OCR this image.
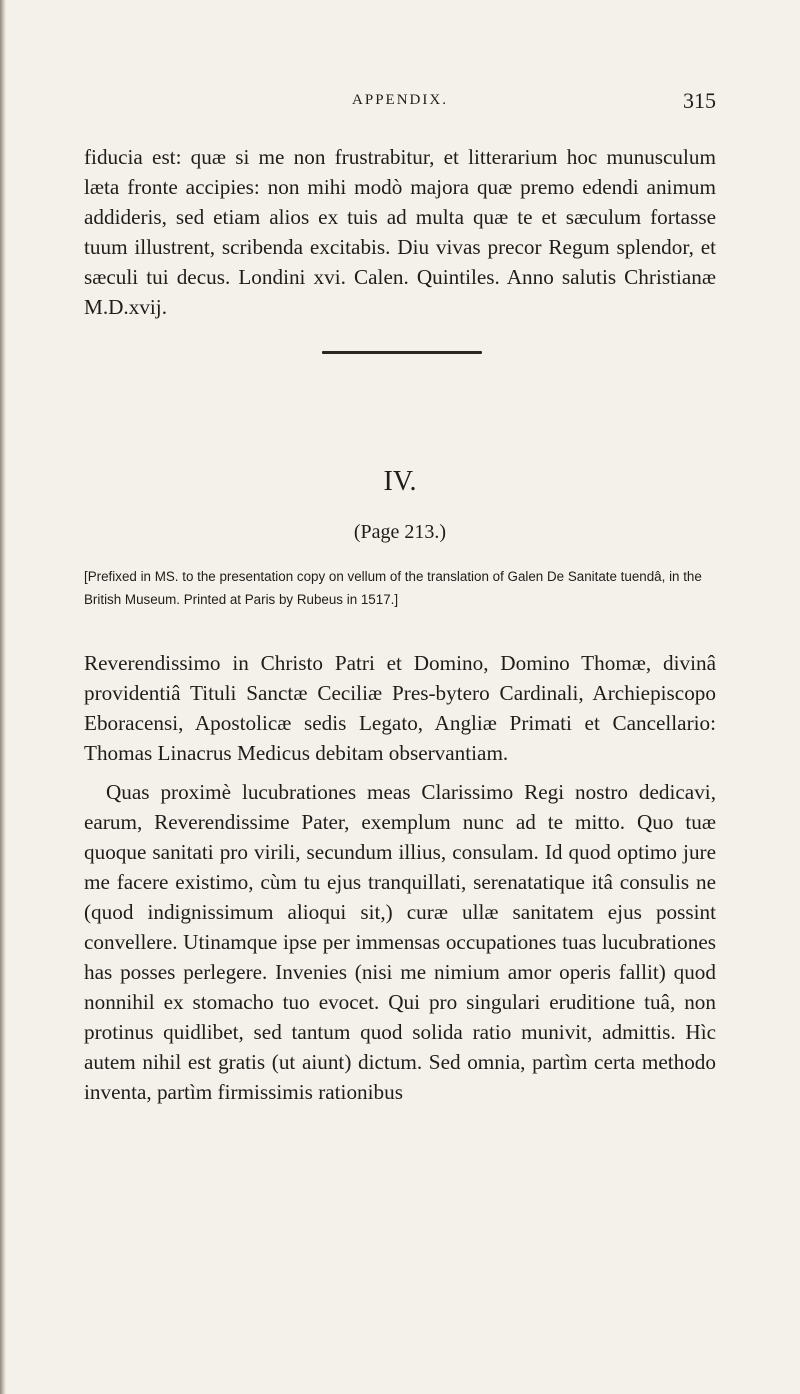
APPENDIX.	315

fiducia est: quæ si me non frustrabitur, et litterarium hoc munusculum læta fronte accipies: non mihi modò majora quæ premo edendi animum addideris, sed etiam alios ex tuis ad multa quæ te et sæculum fortasse tuum illustrent, scribenda excitabis. Diu vivas precor Regum splendor, et sæculi tui decus. Londini xvi. Calen. Quintiles. Anno salutis Christianæ M.D.xvij.

IV.
(Page 213.)

[Prefixed in MS. to the presentation copy on vellum of the translation of Galen De Sanitate tuendâ, in the British Museum. Printed at Paris by Rubeus in 1517.]

Reverendissimo in Christo Patri et Domino, Domino Thomæ, divinâ providentiâ Tituli Sanctæ Ceciliæ Pres-bytero Cardinali, Archiepiscopo Eboracensi, Apostolicæ sedis Legato, Angliæ Primati et Cancellario: Thomas Linacrus Medicus debitam observantiam.

Quas proximè lucubrationes meas Clarissimo Regi nostro dedicavi, earum, Reverendissime Pater, exemplum nunc ad te mitto. Quo tuæ quoque sanitati pro virili, secundum illius, consulam. Id quod optimo jure me facere existimo, cùm tu ejus tranquillati, serenatatique itâ consulis ne (quod indignissimum alioqui sit,) curæ ullæ sanitatem ejus possint convellere. Utinamque ipse per immensas occupationes tuas lucubrationes has posses perlegere. Invenies (nisi me nimium amor operis fallit) quod nonnihil ex stomacho tuo evocet. Qui pro singulari eruditione tuâ, non protinus quidlibet, sed tantum quod solida ratio munivit, admittis. Hìc autem nihil est gratis (ut aiunt) dictum. Sed omnia, partìm certa methodo inventa, partìm firmissimis rationibus
